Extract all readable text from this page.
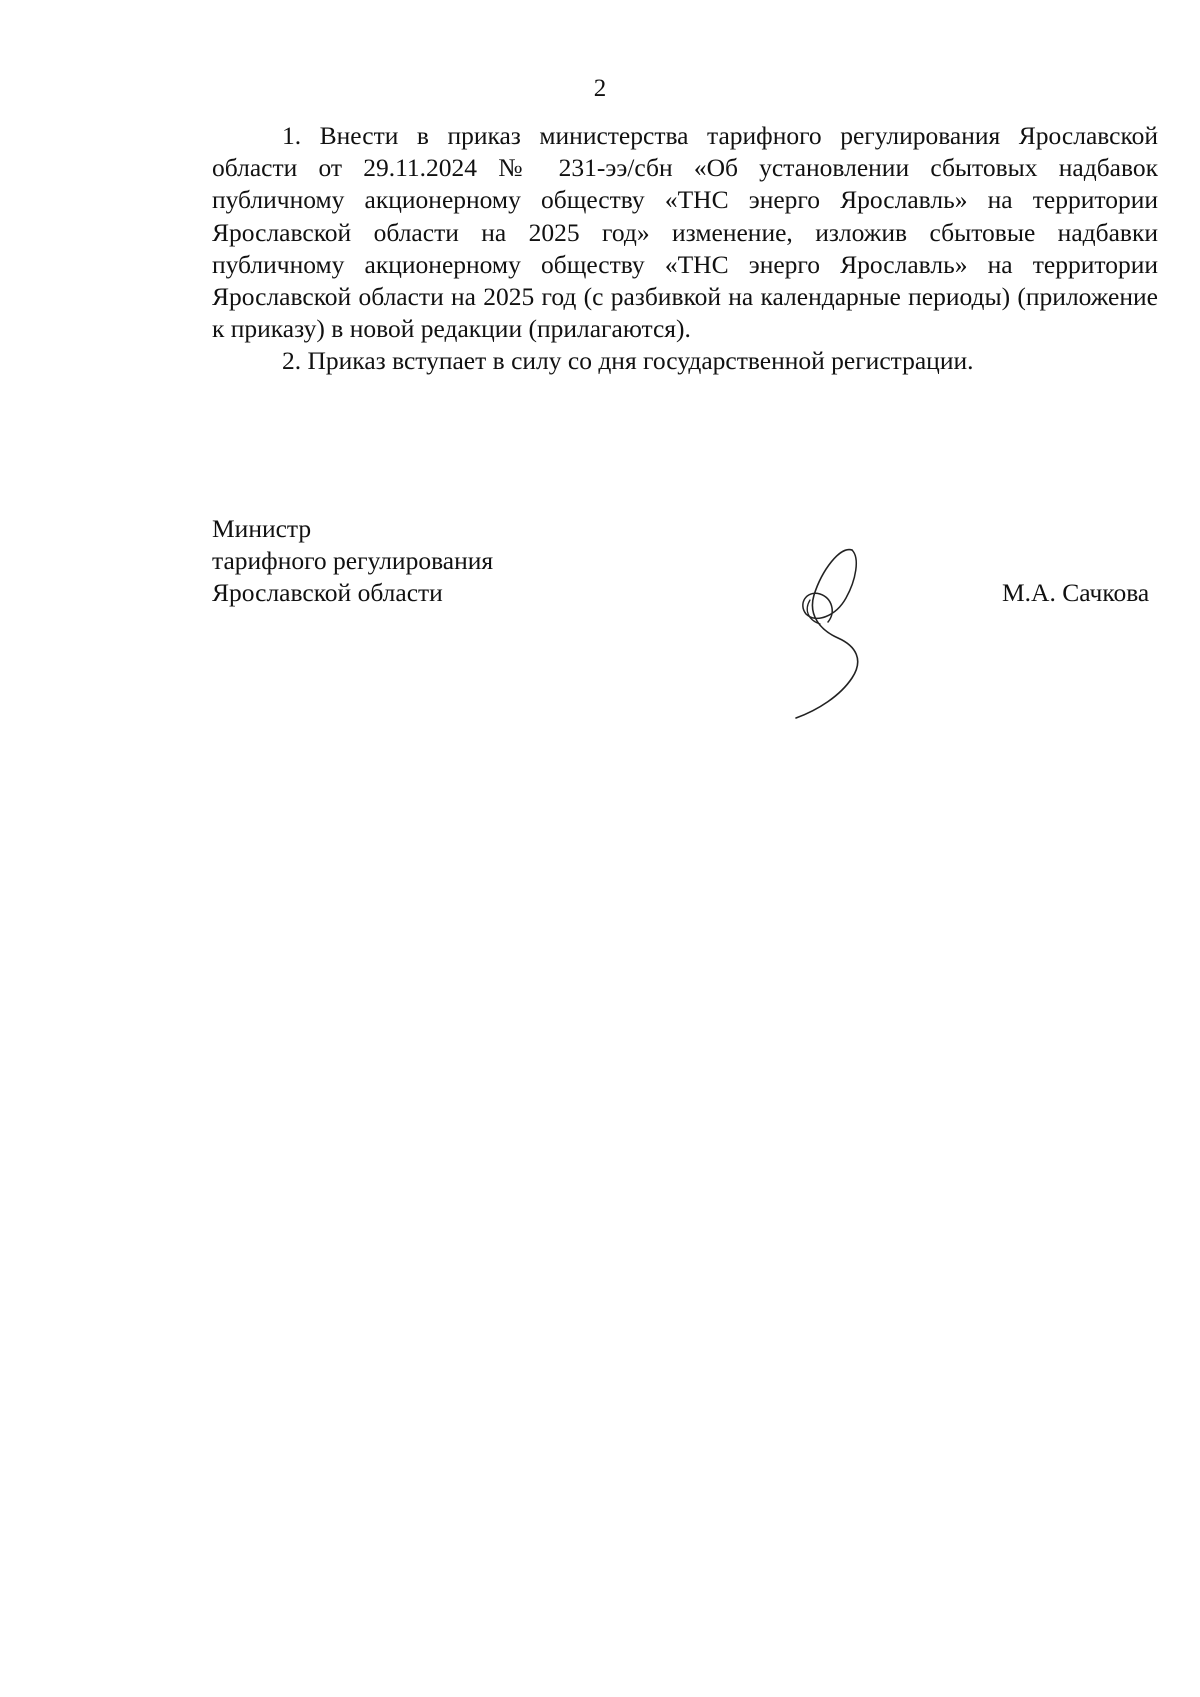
2

1. Внести в приказ министерства тарифного регулирования Ярославской области от 29.11.2024 № 231-ээ/сбн «Об установлении сбытовых надбавок публичному акционерному обществу «ТНС энерго Ярославль» на территории Ярославской области на 2025 год» изменение, изложив сбытовые надбавки публичному акционерному обществу «ТНС энерго Ярославль» на территории Ярославской области на 2025 год (с разбивкой на календарные периоды) (приложение к приказу) в новой редакции (прилагаются).

2. Приказ вступает в силу со дня государственной регистрации.

Министр
тарифного регулирования
Ярославской области	М.А. Сачкова
